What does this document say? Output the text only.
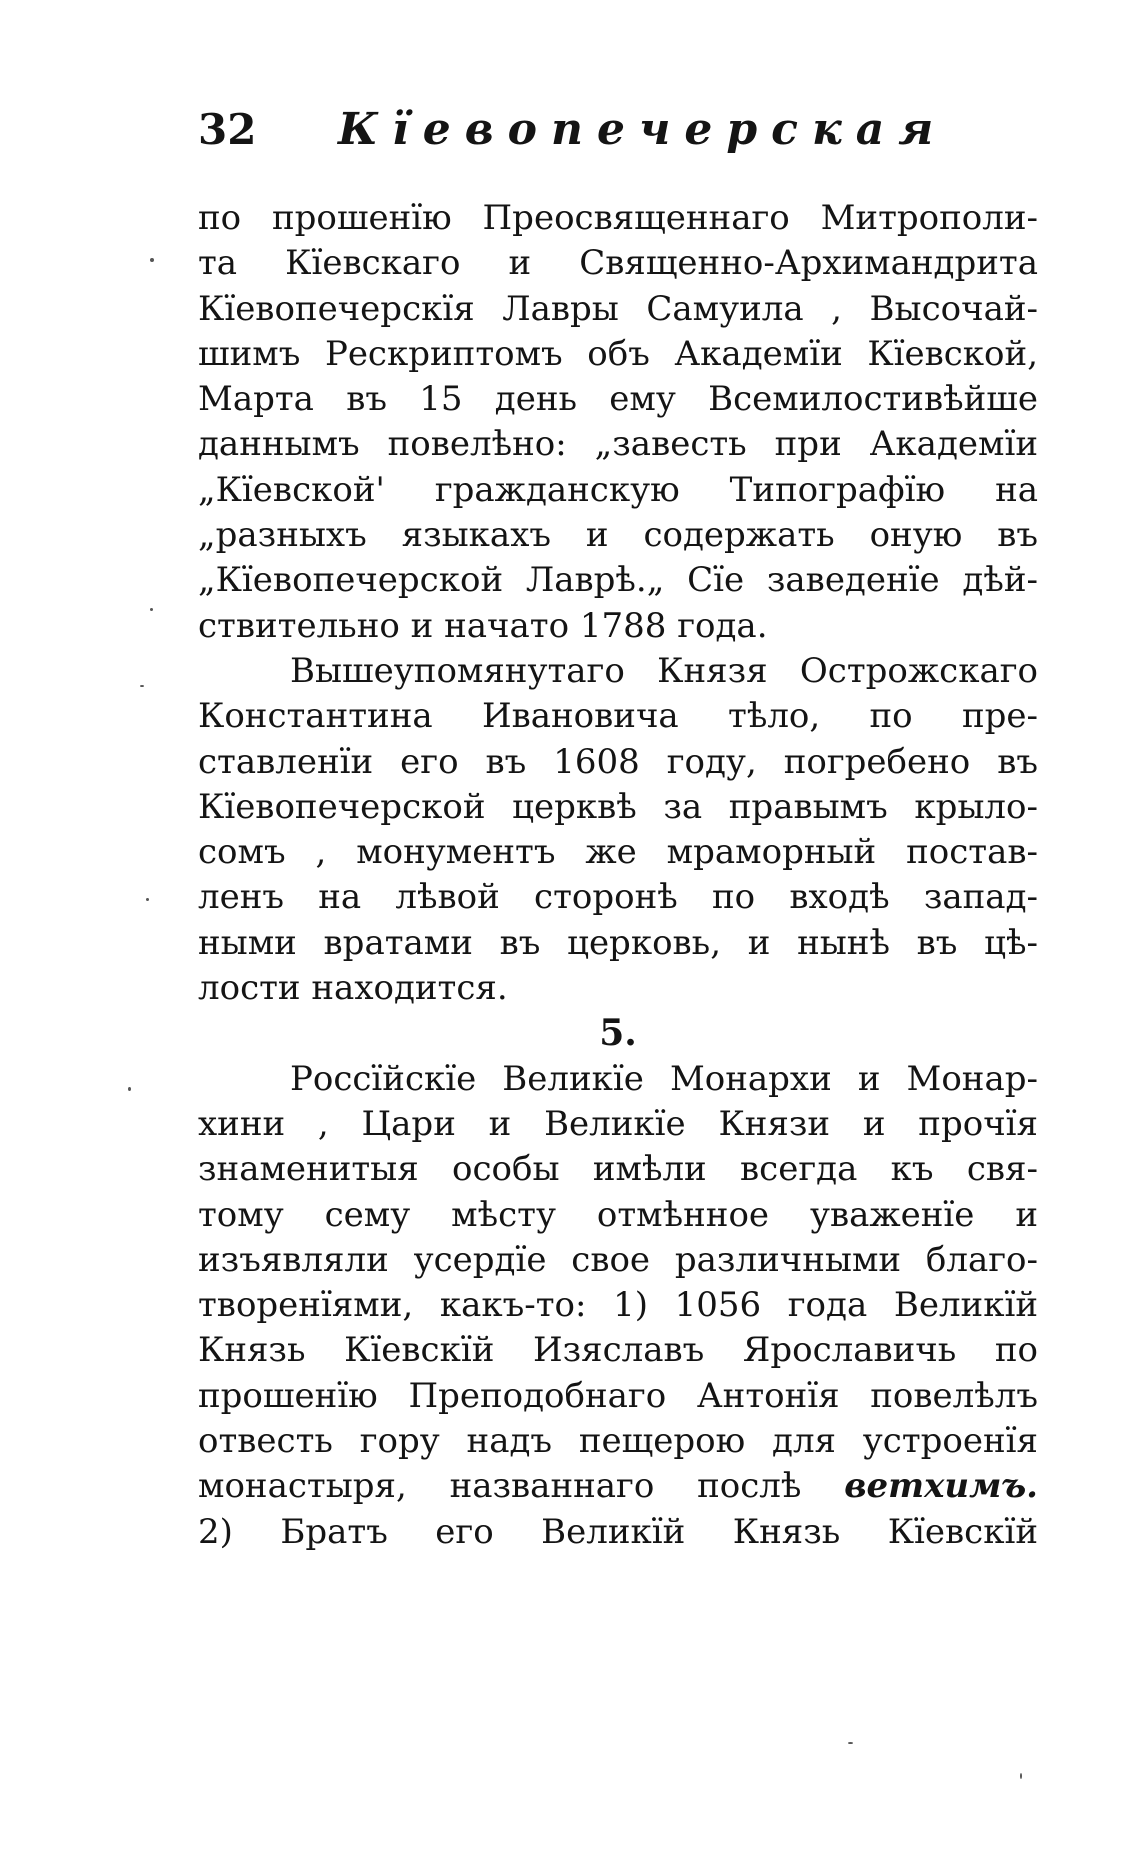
32 Кïевопечерская
по прошенïю Преосвященнаго Митрополи-
та Кïевскаго и Священно-Архимандрита
Кïевопечерскïя Лавры Самуила , Высочай-
шимъ Рескриптомъ объ Академïи Кïевской,
Марта въ 15 день ему Всемилостивѣйше
даннымъ повелѣно: „завесть при Академïи
„Кïевской' гражданскую Типографïю на
„разныхъ языкахъ и содержать оную въ
„Кïевопечерской Лаврѣ.„ Сïе заведенïе дѣй-
ствительно и начато 1788 года.
Вышеупомянутаго Князя Острожскаго
Константина Ивановича тѣло, по пре-
ставленïи его въ 1608 году, погребено въ
Кïевопечерской церквѣ за правымъ крыло-
сомъ , монументъ же мраморный постав-
ленъ на лѣвой сторонѣ по входѣ запад-
ными вратами въ церковь, и нынѣ въ цѣ-
лости находится.
5.
Россïйскïе Великïе Монархи и Монар-
хини , Цари и Великïе Князи и прочïя
знаменитыя особы имѣли всегда къ свя-
тому сему мѣсту отмѣнное уваженïе и
изъявляли усердïе свое различными благо-
творенïями, какъ-то: 1) 1056 года Великïй
Князь Кïевскïй Изяславъ Ярославичь по
прошенïю Преподобнаго Антонïя повелѣлъ
отвесть гору надъ пещерою для устроенïя
монастыря, названнаго послѣ ветхимъ.
2) Братъ его Великïй Князь Кïевскïй
